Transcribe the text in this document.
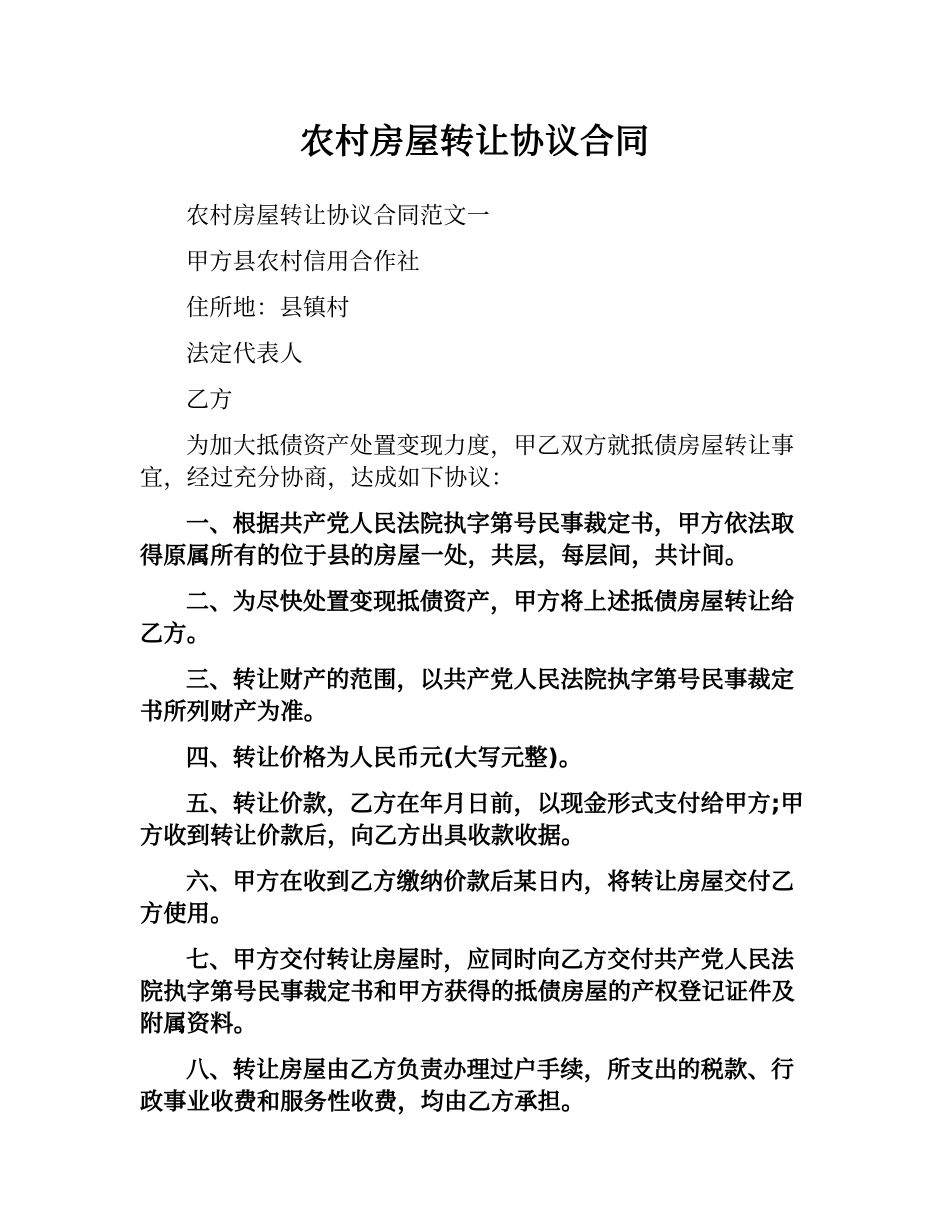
农村房屋转让协议合同

农村房屋转让协议合同范文一

甲方县农村信用合作社

住所地：县镇村

法定代表人

乙方

为加大抵债资产处置变现力度，甲乙双方就抵债房屋转让事宜，经过充分协商，达成如下协议：

一、根据共产党人民法院执字第号民事裁定书，甲方依法取得原属所有的位于县的房屋一处，共层，每层间，共计间。

二、为尽快处置变现抵债资产，甲方将上述抵债房屋转让给乙方。

三、转让财产的范围，以共产党人民法院执字第号民事裁定书所列财产为准。

四、转让价格为人民币元(大写元整)。

五、转让价款，乙方在年月日前，以现金形式支付给甲方;甲方收到转让价款后，向乙方出具收款收据。

六、甲方在收到乙方缴纳价款后某日内，将转让房屋交付乙方使用。

七、甲方交付转让房屋时，应同时向乙方交付共产党人民法院执字第号民事裁定书和甲方获得的抵债房屋的产权登记证件及附属资料。

八、转让房屋由乙方负责办理过户手续，所支出的税款、行政事业收费和服务性收费，均由乙方承担。
